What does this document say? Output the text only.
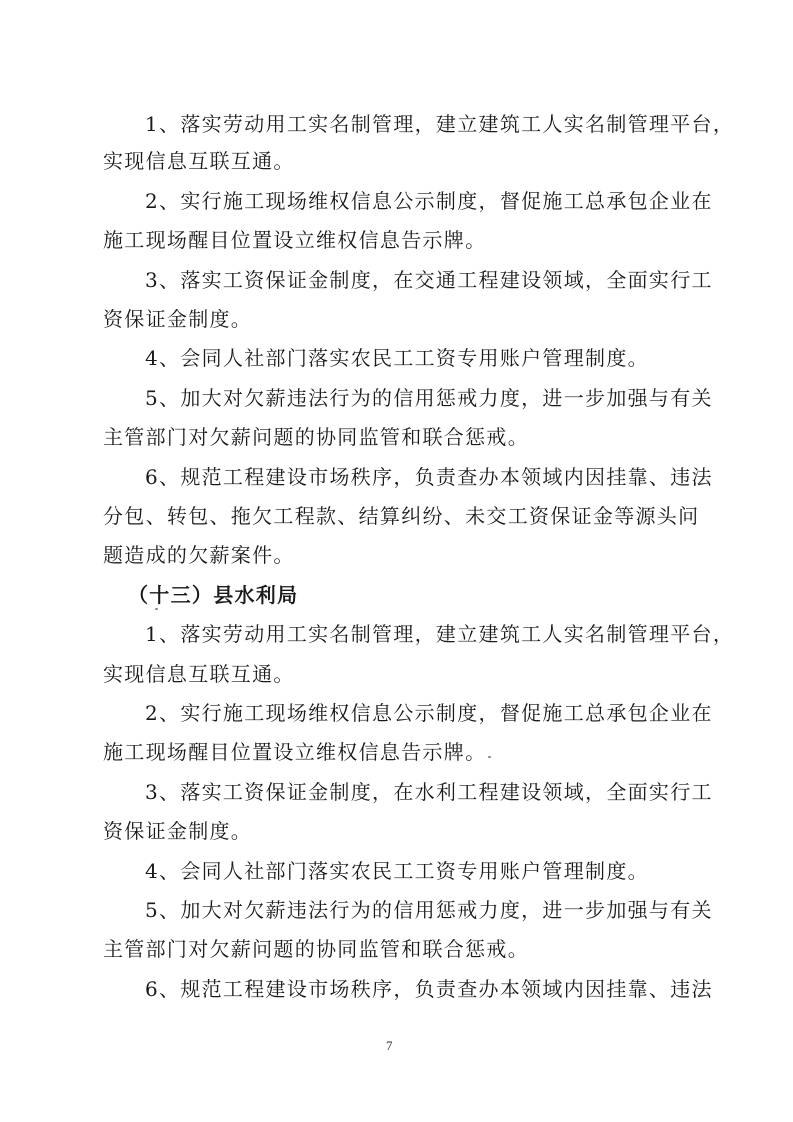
1、落实劳动用工实名制管理，建立建筑工人实名制管理平台，
实现信息互联互通。
2、实行施工现场维权信息公示制度，督促施工总承包企业在
施工现场醒目位置设立维权信息告示牌。
3、落实工资保证金制度，在交通工程建设领域，全面实行工
资保证金制度。
4、会同人社部门落实农民工工资专用账户管理制度。
5、加大对欠薪违法行为的信用惩戒力度，进一步加强与有关
主管部门对欠薪问题的协同监管和联合惩戒。
6、规范工程建设市场秩序，负责查办本领域内因挂靠、违法
分包、转包、拖欠工程款、结算纠纷、未交工资保证金等源头问
题造成的欠薪案件。
（十三）县水利局
1、落实劳动用工实名制管理，建立建筑工人实名制管理平台，
实现信息互联互通。
2、实行施工现场维权信息公示制度，督促施工总承包企业在
施工现场醒目位置设立维权信息告示牌。
3、落实工资保证金制度，在水利工程建设领域，全面实行工
资保证金制度。
4、会同人社部门落实农民工工资专用账户管理制度。
5、加大对欠薪违法行为的信用惩戒力度，进一步加强与有关
主管部门对欠薪问题的协同监管和联合惩戒。
6、规范工程建设市场秩序，负责查办本领域内因挂靠、违法
7
